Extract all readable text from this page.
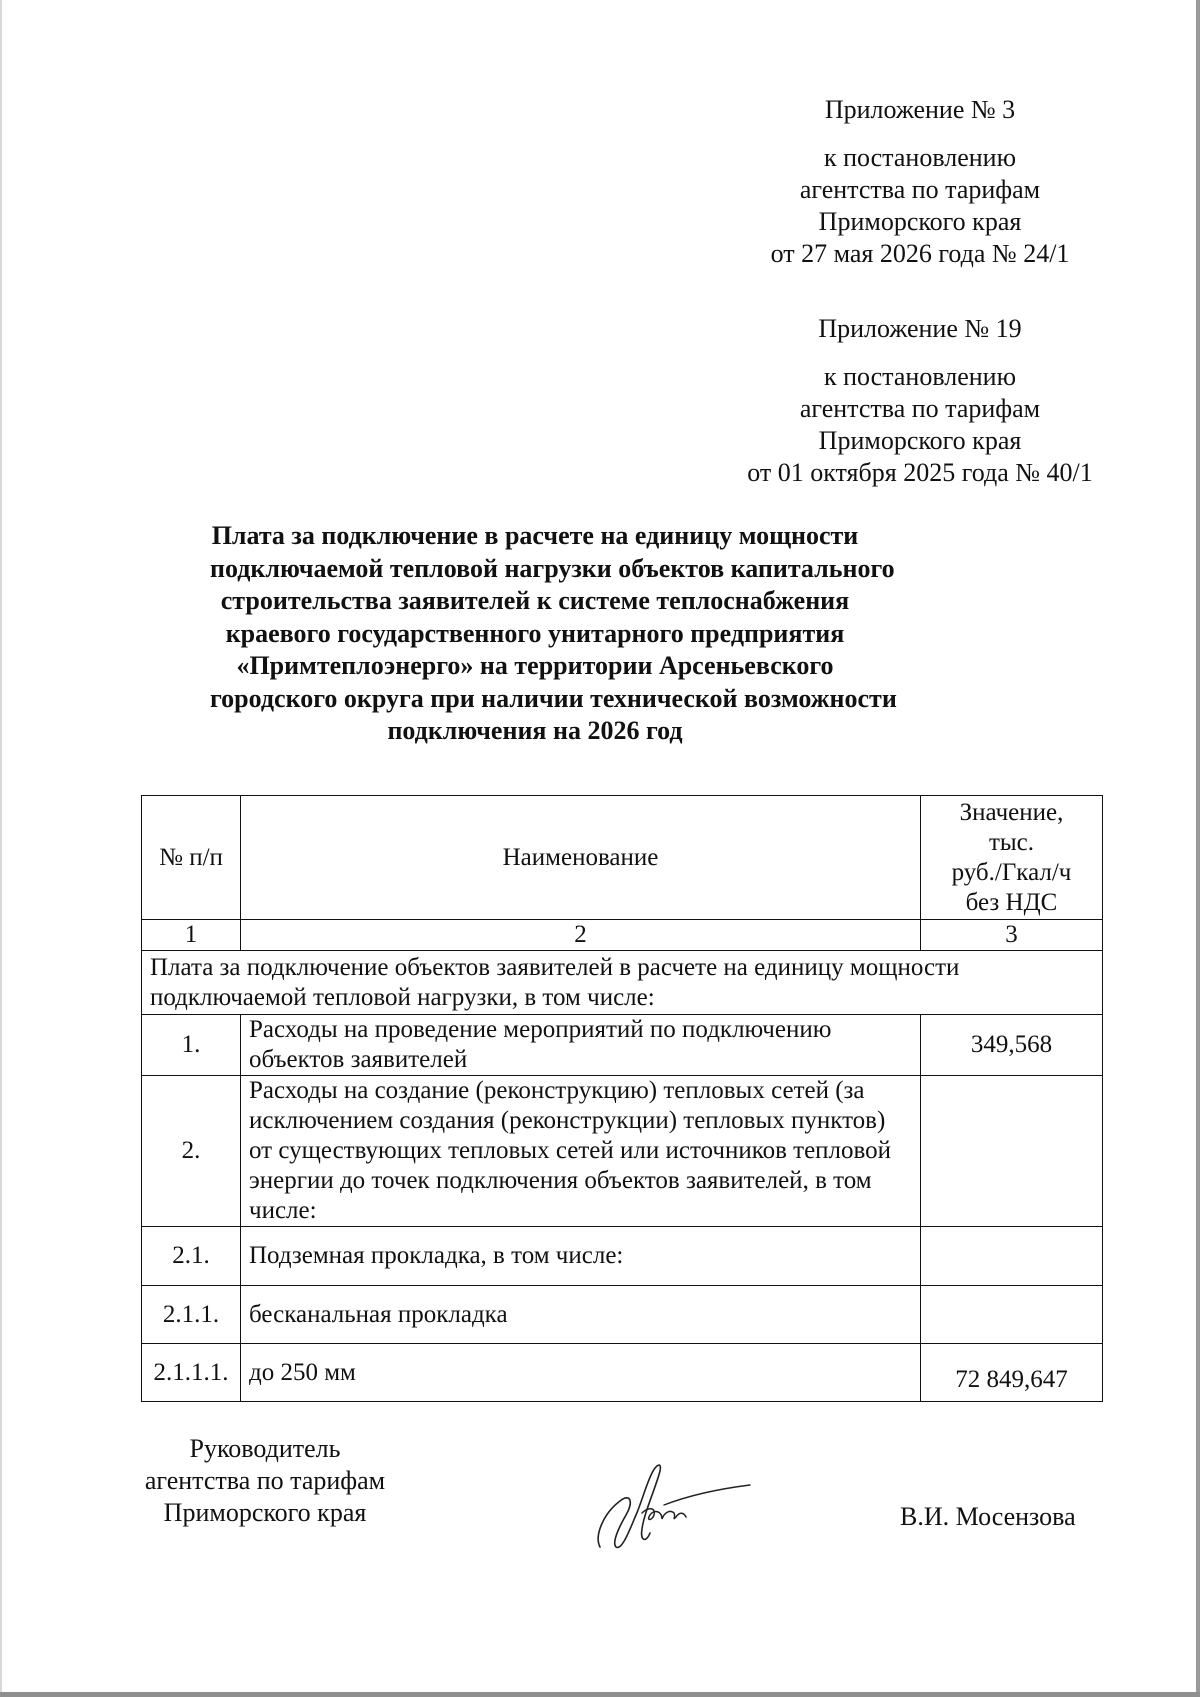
Приложение № 3
к постановлению
агентства по тарифам
Приморского края
от 27 мая 2026 года № 24/1
Приложение № 19
к постановлению
агентства по тарифам
Приморского края
от 01 октября 2025 года № 40/1
Плата за подключение в расчете на единицу мощности
подключаемой тепловой нагрузки объектов капитального
строительства заявителей к системе теплоснабжения
краевого государственного унитарного предприятия
«Примтеплоэнерго» на территории Арсеньевского
городского округа при наличии технической возможности
подключения на 2026 год
№ п/п	Наименование	Значение,
тыс.
руб./Гкал/ч
без НДС

1	2	3
Плата за подключение объектов заявителей в расчете на единицу мощности подключаемой тепловой нагрузки, в том числе:		
1.	Расходы на проведение мероприятий по подключению объектов заявителей	349,568
2.	Расходы на создание (реконструкцию) тепловых сетей (за исключением создания (реконструкции) тепловых пунктов) от существующих тепловых сетей или источников тепловой энергии до точек подключения объектов заявителей, в том числе:	
2.1.	Подземная прокладка, в том числе:	
2.1.1.	бесканальная прокладка	
2.1.1.1.	до 250 мм	72 849,647
Руководитель
агентства по тарифам
Приморского края	В.И. Мосензова
